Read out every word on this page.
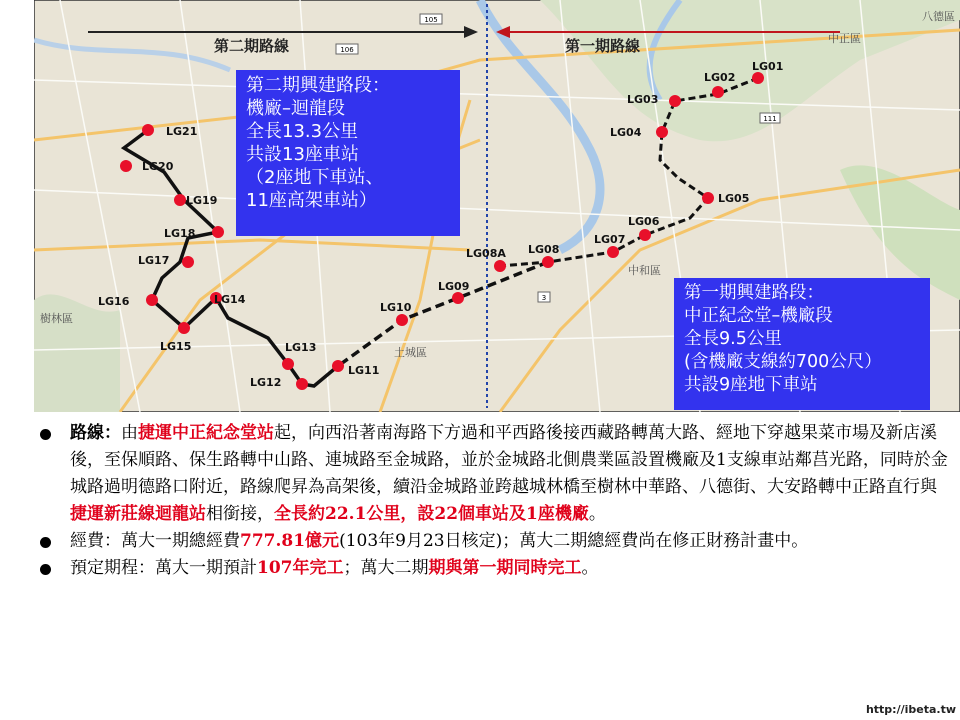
105
106
111
3
中正區
中和區
土城區
樹林區
八德區
第二期路線	第一期路線
LG01
LG02
LG03
LG04
LG05
LG06
LG07
LG08
LG08A
LG09
LG10
LG11
LG12
LG13
LG14
LG15
LG16
LG17
LG18
LG19
LG20
LG21
第二期興建路段：
機廠–迴龍段
全長13.3公里
共設13座車站
（2座地下車站、
11座高架車站）
第一期興建路段：
中正紀念堂–機廠段
全長9.5公里
(含機廠支線約700公尺）
共設9座地下車站
路線：由捷運中正紀念堂站起，向西沿著南海路下方過和平西路後接西藏路轉萬大路、經地下穿越果菜市場及新店溪後，至保順路、保生路轉中山路、連城路至金城路，並於金城路北側農業區設置機廠及1支線車站鄰莒光路，同時於金城路過明德路口附近，路線爬昇為高架後，續沿金城路並跨越城林橋至樹林中華路、八德街、大安路轉中正路直行與捷運新莊線迴龍站相銜接，全長約22.1公里，設22個車站及1座機廠。
經費：萬大一期總經費777.81億元(103年9月23日核定)；萬大二期總經費尚在修正財務計畫中。
預定期程：萬大一期預計107年完工；萬大二期期與第一期同時完工。
http://ibeta.tw
